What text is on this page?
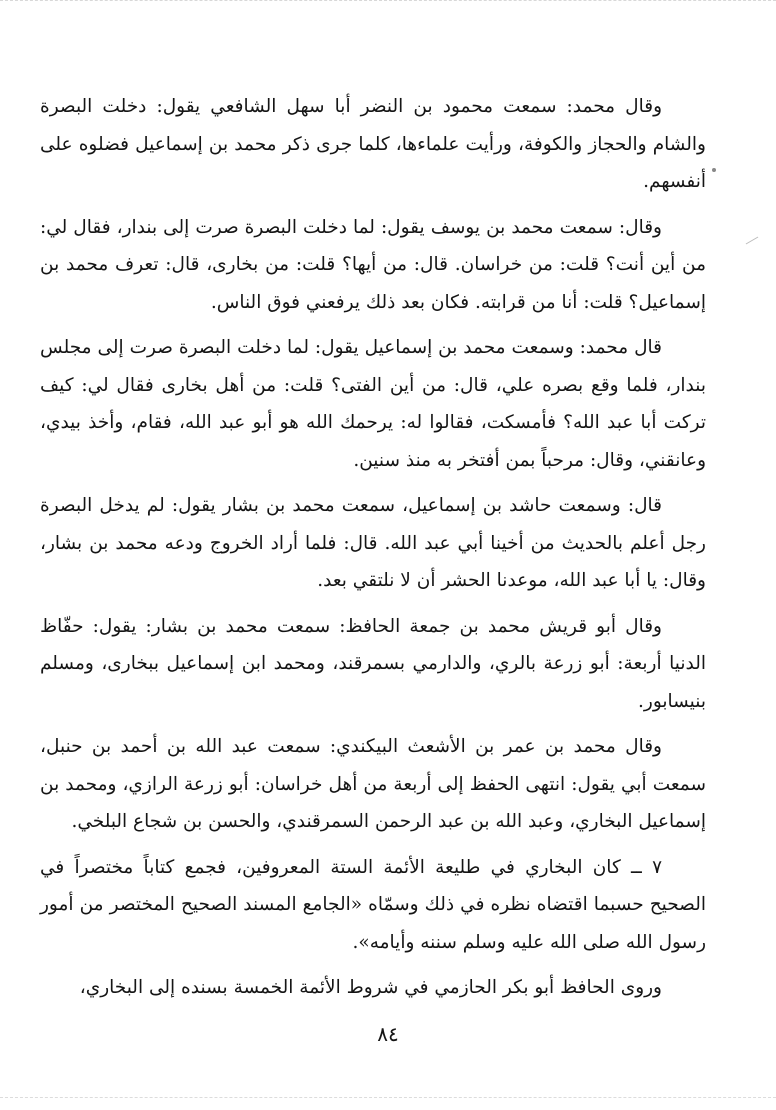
وقال محمد: سمعت محمود بن النضر أبا سهل الشافعي يقول: دخلت البصرة والشام والحجاز والكوفة، ورأيت علماءها، كلما جرى ذكر محمد بن إسماعيل فضلوه على أنفسهم.

وقال: سمعت محمد بن يوسف يقول: لما دخلت البصرة صرت إلى بندار، فقال لي: من أين أنت؟ قلت: من خراسان. قال: من أيها؟ قلت: من بخارى، قال: تعرف محمد بن إسماعيل؟ قلت: أنا من قرابته. فكان بعد ذلك يرفعني فوق الناس.

قال محمد: وسمعت محمد بن إسماعيل يقول: لما دخلت البصرة صرت إلى مجلس بندار، فلما وقع بصره علي، قال: من أين الفتى؟ قلت: من أهل بخارى فقال لي: كيف تركت أبا عبد الله؟ فأمسكت، فقالوا له: يرحمك الله هو أبو عبد الله، فقام، وأخذ بيدي، وعانقني، وقال: مرحباً بمن أفتخر به منذ سنين.

قال: وسمعت حاشد بن إسماعيل، سمعت محمد بن بشار يقول: لم يدخل البصرة رجل أعلم بالحديث من أخينا أبي عبد الله. قال: فلما أراد الخروج ودعه محمد بن بشار، وقال: يا أبا عبد الله، موعدنا الحشر أن لا نلتقي بعد.

وقال أبو قريش محمد بن جمعة الحافظ: سمعت محمد بن بشار: يقول: حفّاظ الدنيا أربعة: أبو زرعة بالري، والدارمي بسمرقند، ومحمد ابن إسماعيل ببخارى، ومسلم بنيسابور.

وقال محمد بن عمر بن الأشعث البيكندي: سمعت عبد الله بن أحمد بن حنبل، سمعت أبي يقول: انتهى الحفظ إلى أربعة من أهل خراسان: أبو زرعة الرازي، ومحمد بن إسماعيل البخاري، وعبد الله بن عبد الرحمن السمرقندي، والحسن بن شجاع البلخي.

٧ ــ كان البخاري في طليعة الأئمة الستة المعروفين، فجمع كتاباً مختصراً في الصحيح حسبما اقتضاه نظره في ذلك وسمّاه «الجامع المسند الصحيح المختصر من أمور رسول الله صلى الله عليه وسلم سننه وأيامه».

وروى الحافظ أبو بكر الحازمي في شروط الأئمة الخمسة بسنده إلى البخاري،

٨٤
